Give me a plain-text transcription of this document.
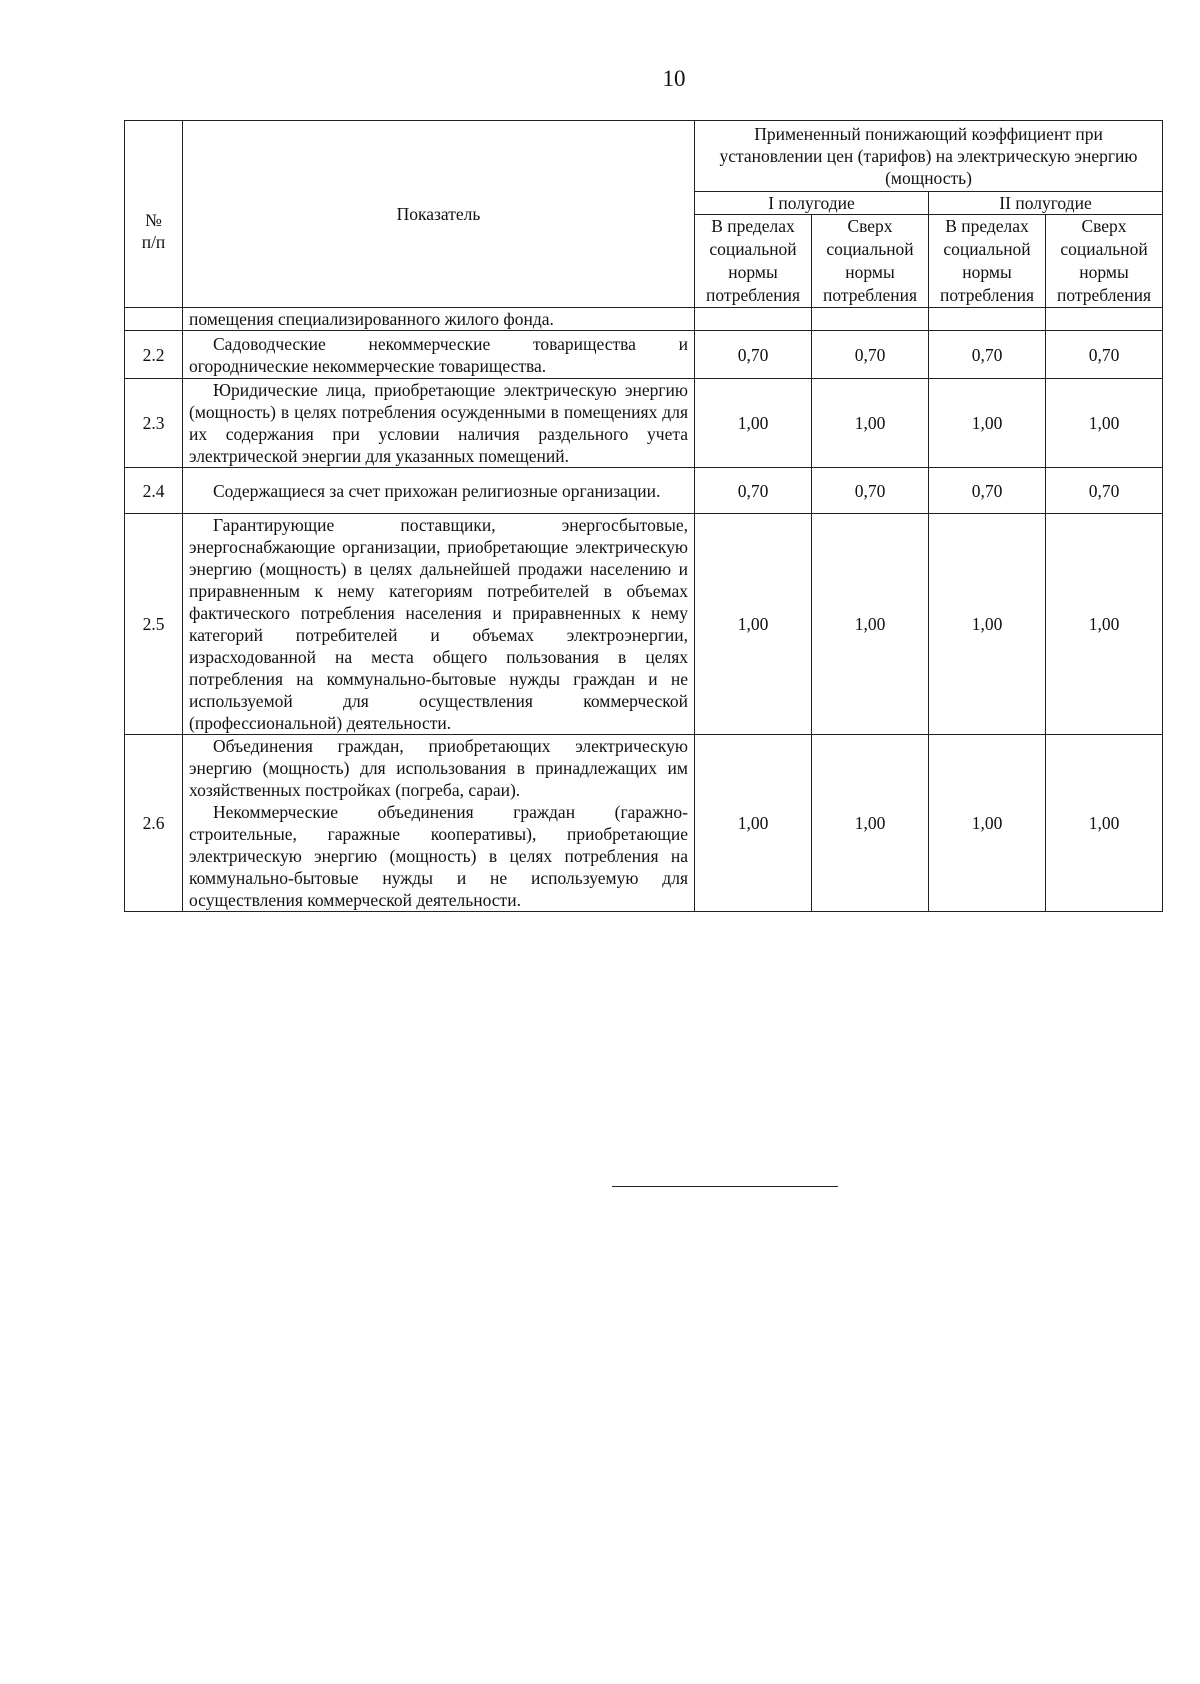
10
№
п/п	Показатель	Примененный понижающий коэффициент при установлении цен (тарифов) на электрическую энергию (мощность)			
		I полугодие		II полугодие	
		В пределах социальной нормы потребления	Сверх социальной нормы потребления	В пределах социальной нормы потребления	Сверх социальной нормы потребления

	помещения специализированного жилого фонда.				

2.2	Садоводческие некоммерческие товарищества и огороднические некоммерческие товарищества.	0,70	0,70	0,70	0,70
2.3	Юридические лица, приобретающие электрическую энергию (мощность) в целях потребления осужденными в помещениях для их содержания при условии наличия раздельного учета электрической энергии для указанных помещений.	1,00	1,00	1,00	1,00
2.4	Содержащиеся за счет прихожан религиозные организации.	0,70	0,70	0,70	0,70
2.5	Гарантирующие поставщики, энергосбытовые, энергоснабжающие организации, приобретающие электрическую энергию (мощность) в целях дальнейшей продажи населению и приравненным к нему категориям потребителей в объемах фактического потребления населения и приравненных к нему категорий потребителей и объемах электроэнергии, израсходованной на места общего пользования в целях потребления на коммунально-бытовые нужды граждан и не используемой для осуществления коммерческой (профессиональной) деятельности.	1,00	1,00	1,00	1,00
2.6	Объединения граждан, приобретающих электрическую энергию (мощность) для использования в принадлежащих им хозяйственных постройках (погреба, сараи).

Некоммерческие объединения граждан (гаражно-строительные, гаражные кооперативы), приобретающие электрическую энергию (мощность) в целях потребления на коммунально-бытовые нужды и не используемую для осуществления коммерческой деятельности.	1,00	1,00	1,00	1,00
